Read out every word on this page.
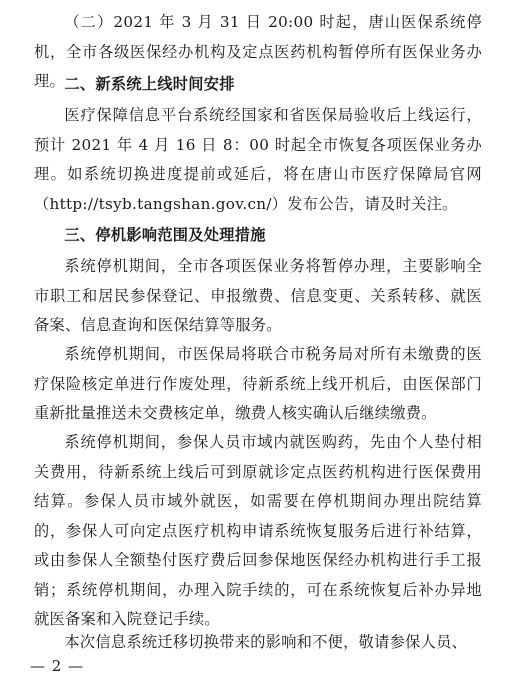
（二）2021 年 3 月 31 日 20:00 时起，唐山医保系统停机，全市各级医保经办机构及定点医药机构暂停所有医保业务办理。 二、新系统上线时间安排

医疗保障信息平台系统经国家和省医保局验收后上线运行，预计 2021 年 4 月 16 日 8：00 时起全市恢复各项医保业务办理。如系统切换进度提前或延后，将在唐山市医疗保障局官网（http://tsyb.tangshan.gov.cn/）发布公告，请及时关注。

三、停机影响范围及处理措施

系统停机期间，全市各项医保业务将暂停办理，主要影响全市职工和居民参保登记、申报缴费、信息变更、关系转移、就医备案、信息查询和医保结算等服务。

系统停机期间，市医保局将联合市税务局对所有未缴费的医疗保险核定单进行作废处理，待新系统上线开机后，由医保部门重新批量推送未交费核定单，缴费人核实确认后继续缴费。

系统停机期间，参保人员市域内就医购药，先由个人垫付相关费用，待新系统上线后可到原就诊定点医药机构进行医保费用结算。参保人员市域外就医，如需要在停机期间办理出院结算的，参保人可向定点医疗机构申请系统恢复服务后进行补结算，或由参保人全额垫付医疗费后回参保地医保经办机构进行手工报销；系统停机期间，办理入院手续的，可在系统恢复后补办异地就医备案和入院登记手续。

本次信息系统迁移切换带来的影响和不便，敬请参保人员、

— 2 —
